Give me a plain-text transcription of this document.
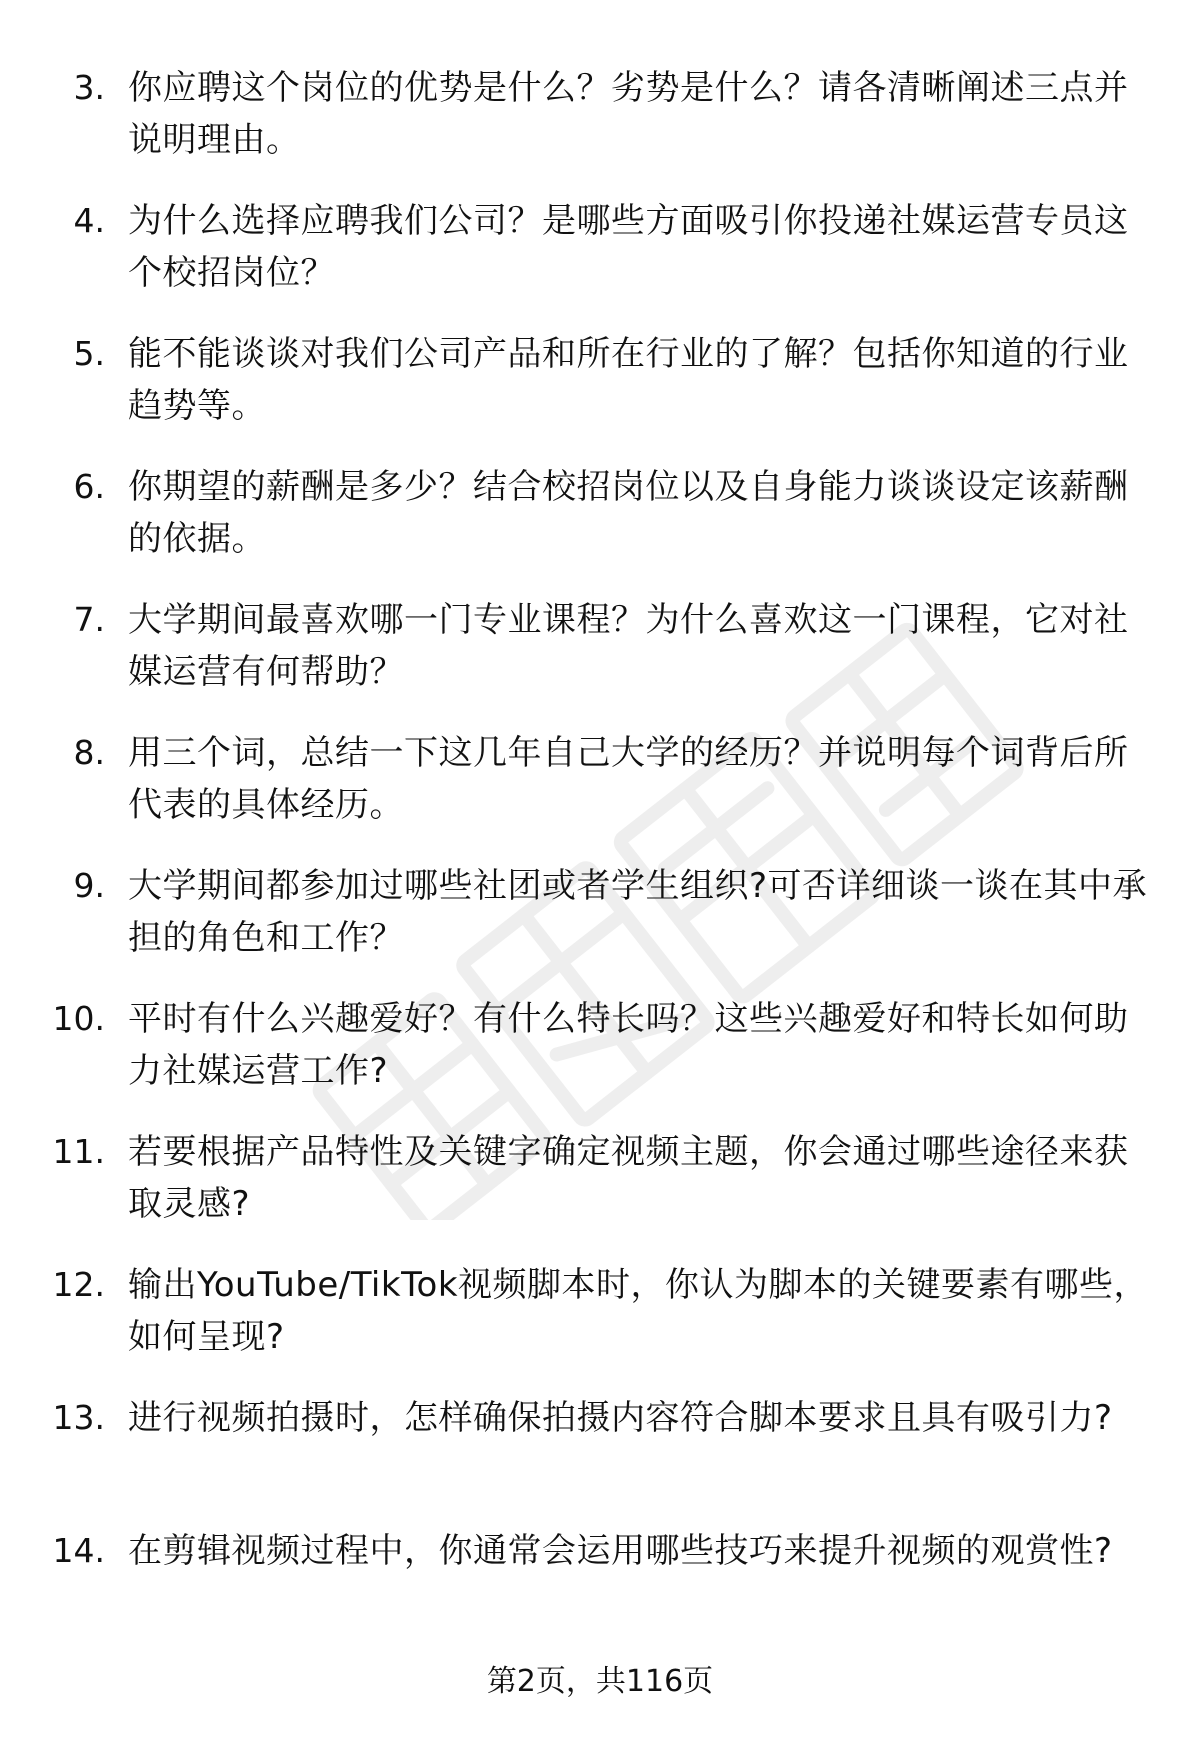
3. 你应聘这个岗位的优势是什么？劣势是什么？请各清晰阐述三点并说明理由。
4. 为什么选择应聘我们公司？是哪些方面吸引你投递社媒运营专员这个校招岗位？
5. 能不能谈谈对我们公司产品和所在行业的了解？包括你知道的行业趋势等。
6. 你期望的薪酬是多少？结合校招岗位以及自身能力谈谈设定该薪酬的依据。
7. 大学期间最喜欢哪一门专业课程？为什么喜欢这一门课程，它对社媒运营有何帮助？
8. 用三个词，总结一下这几年自己大学的经历？并说明每个词背后所代表的具体经历。
9. 大学期间都参加过哪些社团或者学生组织?可否详细谈一谈在其中承担的角色和工作？
10. 平时有什么兴趣爱好？有什么特长吗？这些兴趣爱好和特长如何助力社媒运营工作?
11. 若要根据产品特性及关键字确定视频主题，你会通过哪些途径来获取灵感?
12. 输出YouTube/TikTok视频脚本时，你认为脚本的关键要素有哪些，如何呈现?
13. 进行视频拍摄时，怎样确保拍摄内容符合脚本要求且具有吸引力?
14. 在剪辑视频过程中，你通常会运用哪些技巧来提升视频的观赏性?
第2页，共116页
